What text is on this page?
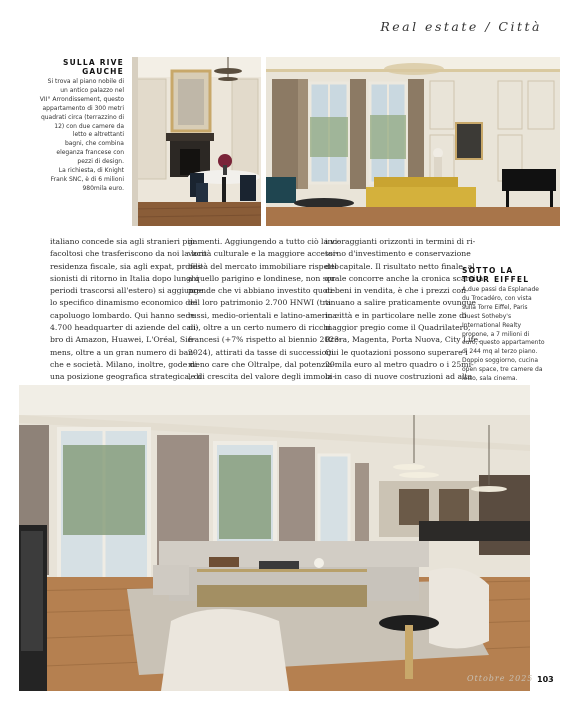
Real estate / Città
SULLA RIVE
GAUCHE
Si trova al piano nobile di
un antico palazzo nel
VII° Arrondissement, questo
appartamento di 300 metri
quadrati circa (terrazzino di
12) con due camere da
letto e altrettanti
bagni, che combina
eleganza francese con
pezzi di design.
La richiesta, di Knight
Frank SNC, è di 6 milioni
980mila euro.
italiano concede sia agli stranieri più
facoltosi che trasferiscono da noi la loro
residenza fiscale, sia agli expat, profes-
sionisti di ritorno in Italia dopo lunghi
periodi trascorsi all'estero) si aggiunge
lo specifico dinamismo economico del
capoluogo lombardo. Qui hanno sede
4.700 headquarter di aziende del cali-
bro di Amazon, Huawei, L'Oréal, Sie-
mens, oltre a un gran numero di ban-
che e società. Milano, inoltre, gode di
una posizione geografica strategica, di
gamenti. Aggiungendo a tutto ciò la vi-
vacità culturale e la maggiore accessi-
bilità del mercato immobiliare rispetto
a quello parigino e londinese, non sor-
prende che vi abbiano investito quote
del loro patrimonio 2.700 HNWI (tra
russi, medio-orientali e latino-america-
ni), oltre a un certo numero di ricchi
francesi (+7% rispetto al biennio 2023-
2024), attirati da tasse di successioni
meno care che Oltralpe, dal potenzia-
le di crescita del valore degli immobi-
incoraggianti orizzonti in termini di ri-
torno d'investimento e conservazione
del capitale. Il risultato netto finale, al
quale concorre anche la cronica scarsità
di beni in vendita, è che i prezzi con-
tinuano a salire praticamente ovunque
in città e in particolare nelle zone di
maggior pregio come il Quadrilatero,
Brera, Magenta, Porta Nuova, City Life.
Qui le quotazioni possono superare i
20mila euro al metro quadro o i 25mi-
la in caso di nuove costruzioni ad alta
SOTTO LA
TOUR EIFFEL
A due passi da Esplanade
du Trocadéro, con vista
sulla Torre Eiffel, Paris
Ouest Sotheby's
International Realty
propone, a 7 milioni di
euro, questo appartamento
di 244 mq al terzo piano.
Doppio soggiorno, cucina
open space, tre camere da
letto, sala cinema.
Ottobre 2025 103
